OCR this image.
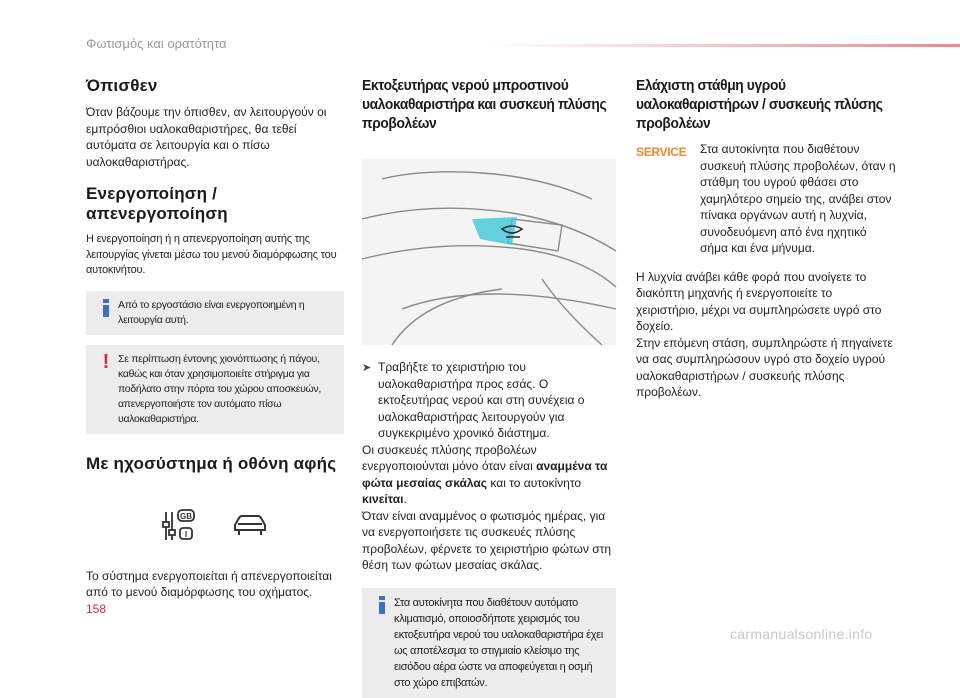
Φωτισμός και ορατότητα
Όπισθεν

Όταν βάζουμε την όπισθεν, αν λειτουργούν οι εμπρόσθιοι υαλοκαθαριστήρες, θα τεθεί αυτόματα σε λειτουργία και ο πίσω υαλοκαθαριστήρας.

Ενεργοποίηση / απενεργοποίηση

Η ενεργοποίηση ή η απενεργοποίηση αυτής της λειτουργίας γίνεται μέσω του μενού διαμόρφωσης του αυτοκινήτου.

Από το εργοστάσιο είναι ενεργοποιημένη η λειτουργία αυτή.
! Σε περίπτωση έντονης χιονόπτωσης ή πάγου, καθώς και όταν χρησιμοποιείτε στήριγμα για ποδήλατο στην πόρτα του χώρου αποσκευών, απενεργοποιήστε τον αυτόματο πίσω υαλοκαθαριστήρα.
Με ηχοσύστημα ή οθόνη αφής
GB
I

Το σύστημα ενεργοποιείται ή απενεργοποιείται από το μενού διαμόρφωσης του οχήματος.

Εκτοξευτήρας νερού μπροστινού υαλοκαθαριστήρα και συσκευή πλύσης προβολέων
➤ Τραβήξτε το χειριστήριο του υαλοκαθαριστήρα προς εσάς. Ο εκτοξευτήρας νερού και στη συνέχεια ο υαλοκαθαριστήρας λειτουργούν για συγκεκριμένο χρονικό διάστημα.

Οι συσκευές πλύσης προβολέων ενεργοποιούνται μόνο όταν είναι αναμμένα τα φώτα μεσαίας σκάλας και το αυτοκίνητο κινείται.

Όταν είναι αναμμένος ο φωτισμός ημέρας, για να ενεργοποιήσετε τις συσκευές πλύσης προβολέων, φέρνετε το χειριστήριο φώτων στη θέση των φώτων μεσαίας σκάλας.

Στα αυτοκίνητα που διαθέτουν αυτόματο κλιματισμό, οποιοσδήποτε χειρισμός του εκτοξευτήρα νερού του υαλοκαθαριστήρα έχει ως αποτέλεσμα το στιγμιαίο κλείσιμο της εισόδου αέρα ώστε να αποφεύγεται η οσμή στο χώρο επιβατών.
Ελάχιστη στάθμη υγρού υαλοκαθαριστήρων / συσκευής πλύσης προβολέων
SERVICE Στα αυτοκίνητα που διαθέτουν συσκευή πλύσης προβολέων, όταν η στάθμη του υγρού φθάσει στο χαμηλότερο σημείο της, ανάβει στον πίνακα οργάνων αυτή η λυχνία, συνοδευόμενη από ένα ηχητικό σήμα και ένα μήνυμα.

Η λυχνία ανάβει κάθε φορά που ανοίγετε το διακόπτη μηχανής ή ενεργοποιείτε το χειριστήριο, μέχρι να συμπληρώσετε υγρό στο δοχείο.

Στην επόμενη στάση, συμπληρώστε ή πηγαίνετε να σας συμπληρώσουν υγρό στο δοχείο υγρού υαλοκαθαριστήρων / συσκευής πλύσης προβολέων.

158
carmanualsonline.info
